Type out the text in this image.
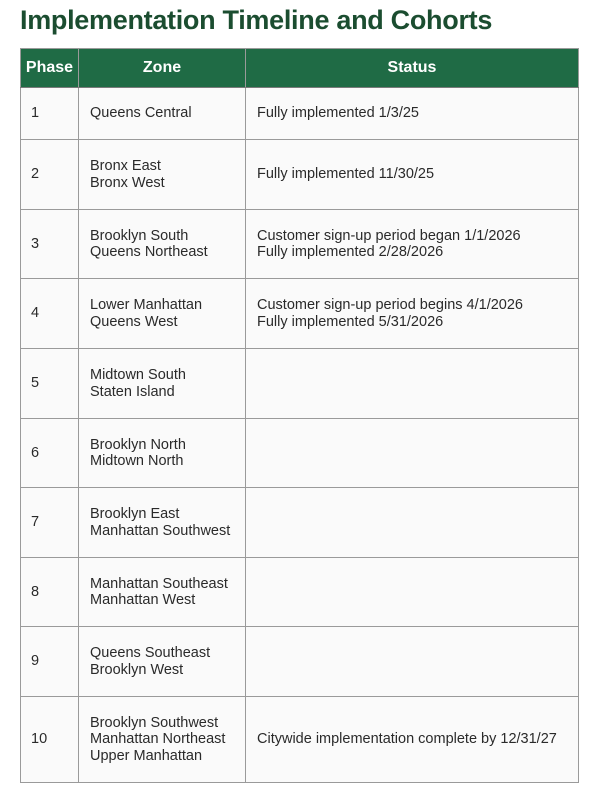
Implementation Timeline and Cohorts
Phase	Zone	Status
1	Queens Central	Fully implemented 1/3/25

2	Bronx East
Bronx West	Fully implemented 11/30/25

3	Brooklyn South
Queens Northeast	Customer sign-up period began 1/1/2026
Fully implemented 2/28/2026

4	Lower Manhattan
Queens West	Customer sign-up period begins 4/1/2026
Fully implemented 5/31/2026

5	Midtown South
Staten Island	

6	Brooklyn North
Midtown North	

7	Brooklyn East
Manhattan Southwest	

8	Manhattan Southeast
Manhattan West	

9	Queens Southeast
Brooklyn West	

10	Brooklyn Southwest
Manhattan Northeast
Upper Manhattan	Citywide implementation complete by 12/31/27
